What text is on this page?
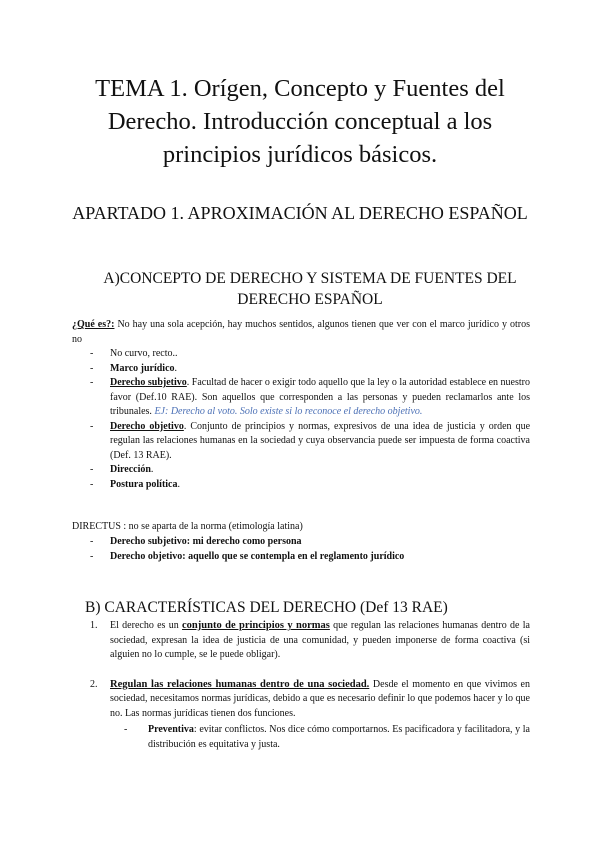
TEMA 1. Orígen, Concepto y Fuentes del Derecho. Introducción conceptual a los principios jurídicos básicos.
APARTADO 1. APROXIMACIÓN AL DERECHO ESPAÑOL
A)CONCEPTO DE DERECHO Y SISTEMA DE FUENTES DEL DERECHO ESPAÑOL

¿Qué es?: No hay una sola acepción, hay muchos sentidos, algunos tienen que ver con el marco jurídico y otros no

- No curvo, recto..
- Marco jurídico.
- Derecho subjetivo. Facultad de hacer o exigir todo aquello que la ley o la autoridad establece en nuestro favor (Def.10 RAE). Son aquellos que corresponden a las personas y pueden reclamarlos ante los tribunales. EJ: Derecho al voto. Solo existe si lo reconoce el derecho objetivo.
- Derecho objetivo. Conjunto de principios y normas, expresivos de una idea de justicia y orden que regulan las relaciones humanas en la sociedad y cuya observancia puede ser impuesta de forma coactiva (Def. 13 RAE).
- Dirección.
- Postura política.

DIRECTUS : no se aparta de la norma (etimología latina)

- Derecho subjetivo: mi derecho como persona
- Derecho objetivo: aquello que se contempla en el reglamento jurídico
B) CARACTERÍSTICAS DEL DERECHO (Def 13 RAE)
1. El derecho es un conjunto de principios y normas que regulan las relaciones humanas dentro de la sociedad, expresan la idea de justicia de una comunidad, y pueden imponerse de forma coactiva (si alguien no lo cumple, se le puede obligar).
2. Regulan las relaciones humanas dentro de una sociedad. Desde el momento en que vivimos en sociedad, necesitamos normas jurídicas, debido a que es necesario definir lo que podemos hacer y lo que no. Las normas jurídicas tienen dos funciones.
- Preventiva: evitar conflictos. Nos dice cómo comportarnos. Es pacificadora y facilitadora, y la distribución es equitativa y justa.
